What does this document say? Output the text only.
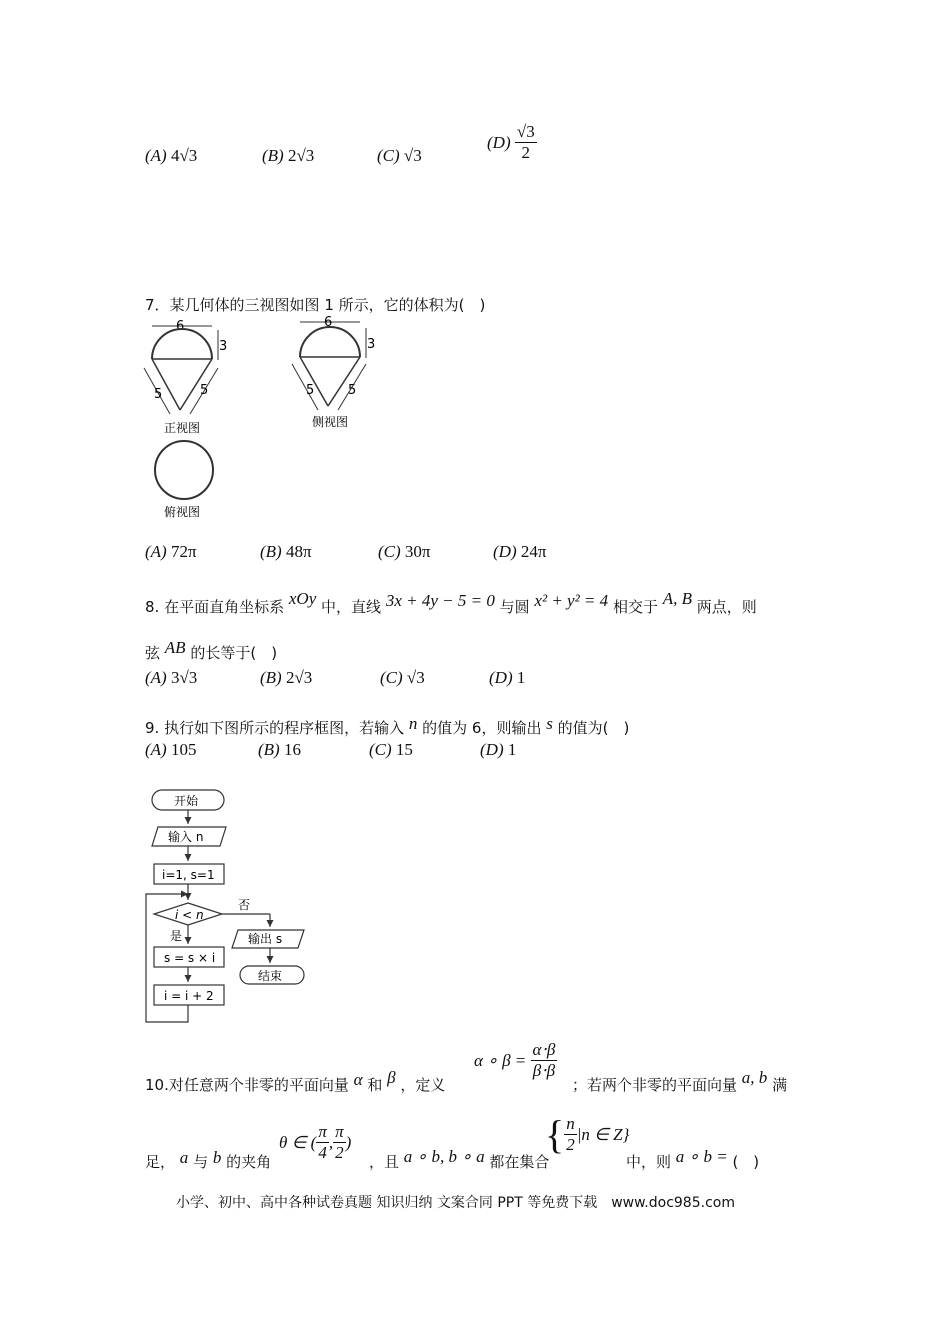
(A) 4√3	(B) 2√3	(C) √3
$(D) \frac{√3}{2}$
7．某几何体的三视图如图 1 所示，它的体积为(　)
6
3
5	5
正视图
6
3
5	5
侧视图
俯视图
(A) 72π	(B) 48π	(C) 30π	(D) 24π
8. 在平面直角坐标系 xOy 中，直线 3x + 4y − 5 = 0 与圆 x² + y² = 4 相交于 A, B 两点，则
弦 AB 的长等于(　)
(A) 3√3	(B) 2√3	(C) √3	(D) 1
9. 执行如下图所示的程序框图，若输入 n 的值为 6，则输出 s 的值为(　)
(A) 105	(B) 16	(C) 15	(D) 1
开始
输入 n
i=1, s=1
i < n
否
输出 s
结束
是
s = s × i
i = i + 2
α ∘ $\beta = \frac{\alpha\cdot\beta}{\beta\cdot\beta}$
10.对任意两个非零的平面向量 α 和 β ，定义	；若两个非零的平面向量 a, b 满
足， a 与 b 的夹角
θ ∈ ( $\frac{\pi}{4}$ , $\frac{\pi}{2}$ )
，且 a ∘ b, b ∘ a 都在集合
{ $\frac{n}{2} |n$ ∈ Z}
中，则 a ∘ b = (　)
小学、初中、高中各种试卷真题 知识归纳 文案合同 PPT 等免费下载　www.doc985.com
